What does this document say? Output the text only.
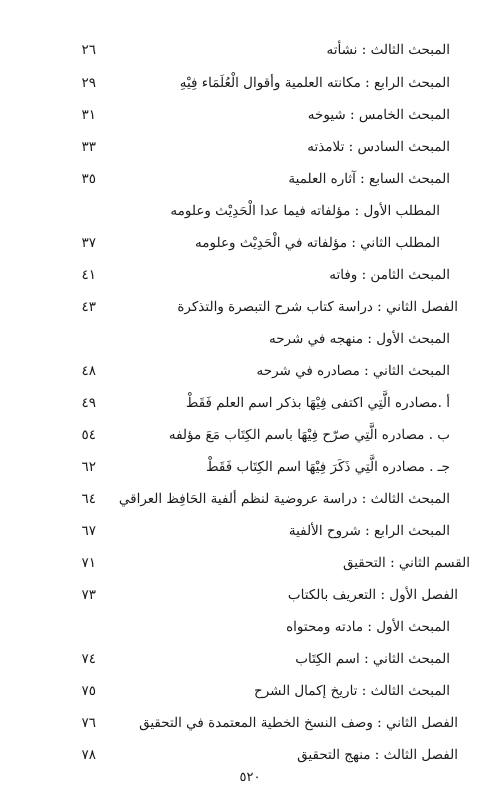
المبحث الثالث : نشأته
٢٦
المبحث الرابع : مكانته العلمية وأقوال الْعُلَمَاء فِيْهِ
٢٩
المبحث الخامس : شيوخه
٣١
المبحث السادس : تلامذته
٣٣
المبحث السابع : آثاره العلمية
٣٥
المطلب الأول : مؤلفاته فيما عدا الْحَدِيْث وعلومه
المطلب الثاني : مؤلفاته في الْحَدِيْث وعلومه
٣٧
المبحث الثامن : وفاته
٤١
الفصل الثاني : دراسة كتاب شرح التبصرة والتذكرة
٤٣
المبحث الأول : منهجه في شرحه
المبحث الثاني : مصادره في شرحه
٤٨
أ .مصادره الَّتِي اكتفى فِيْهَا بذكر اسم العلم فَقَطْ
٤٩
ب . مصادره الَّتِي صرّح فِيْهَا باسم الكِتَاب مَعَ مؤلفه
٥٤
جـ . مصادره الَّتِي ذَكَرَ فِيْهَا اسم الكِتَاب فَقَطْ
٦٢
المبحث الثالث : دراسة عروضية لنظم ألفية الحَافِظ العراقي
٦٤
المبحث الرابع : شروح الألفية
٦٧
القسم الثاني : التحقيق
٧١
الفصل الأول : التعريف بالكتاب
٧٣
المبحث الأول : مادته ومحتواه
المبحث الثاني : اسم الكِتَاب
٧٤
المبحث الثالث : تاريخ إكمال الشرح
٧٥
الفصل الثاني : وصف النسخ الخطية المعتمدة في التحقيق
٧٦
الفصل الثالث : منهج التحقيق
٧٨
٥٢٠
